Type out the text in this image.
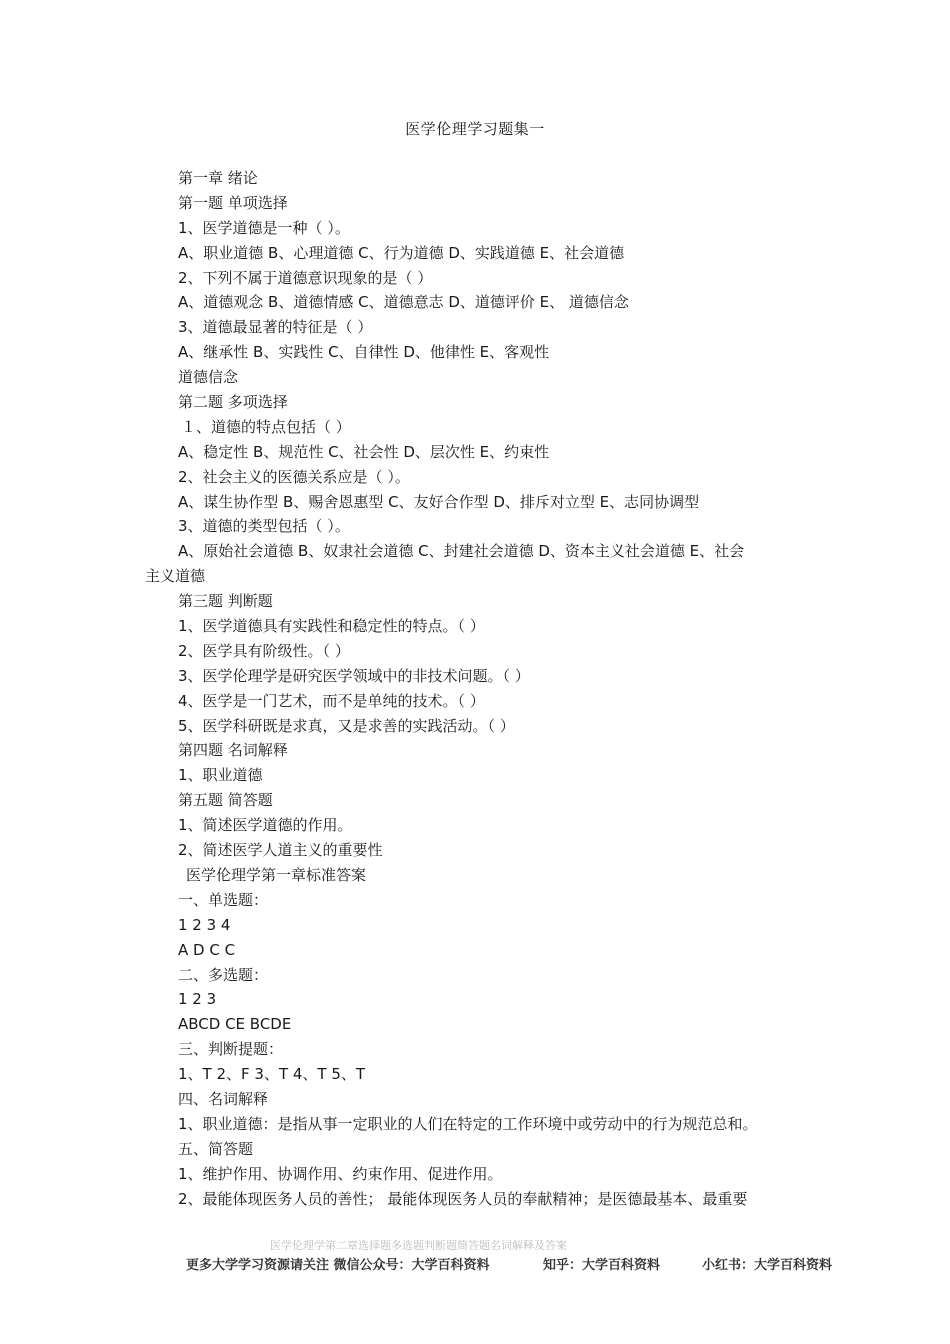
医学伦理学习题集一
第一章 绪论
第一题 单项选择
1、医学道德是一种（ ）。
A、职业道德 B、心理道德 C、行为道德 D、实践道德 E、社会道德
2、下列不属于道德意识现象的是（ ）
A、道德观念 B、道德情感 C、道德意志 D、道德评价 E、 道德信念
3、道德最显著的特征是（ ）
A、继承性 B、实践性 C、自律性 D、他律性 E、客观性
道德信念
第二题 多项选择
１、道德的特点包括（ ）
A、稳定性 B、规范性 C、社会性 D、层次性 E、约束性
2、社会主义的医德关系应是（ ）。
A、谋生协作型 B、赐舍恩惠型 C、友好合作型 D、排斥对立型 E、志同协调型
3、道德的类型包括（ ）。
A、原始社会道德 B、奴隶社会道德 C、封建社会道德 D、资本主义社会道德 E、社会
主义道德
第三题 判断题
1、医学道德具有实践性和稳定性的特点。（ ）
2、医学具有阶级性。（ ）
3、医学伦理学是研究医学领域中的非技术问题。（ ）
4、医学是一门艺术，而不是单纯的技术。（ ）
5、医学科研既是求真，又是求善的实践活动。（ ）
第四题 名词解释
1、职业道德
第五题 简答题
1、简述医学道德的作用。
2、简述医学人道主义的重要性
医学伦理学第一章标准答案
一、单选题：
1 2 3 4
A D C C
二、多选题：
1 2 3
ABCD CE BCDE
三、判断提题：
1、T 2、F 3、T 4、T 5、T
四、名词解释
1、职业道德：是指从事一定职业的人们在特定的工作环境中或劳动中的行为规范总和。
五、简答题
1、维护作用、协调作用、约束作用、促进作用。
2、最能体现医务人员的善性； 最能体现医务人员的奉献精神；是医德最基本、最重要
医学伦理学第二章选择题多选题判断题简答题名词解释及答案
更多大学学习资源请关注 微信公众号：大学百科资料	知乎：大学百科资料	小红书：大学百科资料
